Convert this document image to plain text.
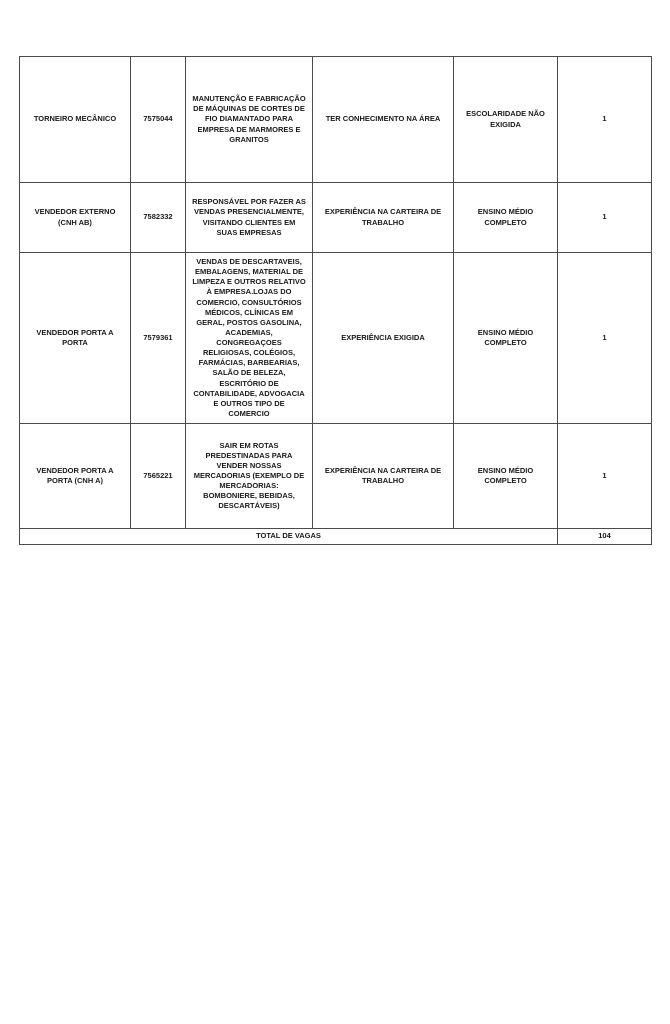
TORNEIRO MECÂNICO	7575044	MANUTENÇÃO E FABRICAÇÃO DE MÁQUINAS DE CORTES DE FIO DIAMANTADO PARA EMPRESA DE MARMORES E GRANITOS	TER CONHECIMENTO NA ÁREA	ESCOLARIDADE NÃO EXIGIDA	1
VENDEDOR EXTERNO (CNH AB)	7582332	RESPONSÁVEL POR FAZER AS VENDAS PRESENCIALMENTE, VISITANDO CLIENTES EM SUAS EMPRESAS	EXPERIÊNCIA NA CARTEIRA DE TRABALHO	ENSINO MÉDIO COMPLETO	1
VENDEDOR PORTA A PORTA	7579361	VENDAS DE DESCARTAVEIS, EMBALAGENS, MATERIAL DE LIMPEZA E OUTROS RELATIVO À EMPRESA.LOJAS DO COMERCIO, CONSULTÓRIOS MÉDICOS, CLÍNICAS EM GERAL, POSTOS GASOLINA, ACADEMIAS, CONGREGAÇOES RELIGIOSAS, COLÉGIOS, FARMÁCIAS, BARBEARIAS, SALÃO DE BELEZA, ESCRITÓRIO DE CONTABILIDADE, ADVOGACIA E OUTROS TIPO DE COMERCIO	EXPERIÊNCIA EXIGIDA	ENSINO MÉDIO COMPLETO	1
VENDEDOR PORTA A PORTA (CNH A)	7565221	SAIR EM ROTAS PREDESTINADAS PARA VENDER NOSSAS MERCADORIAS (EXEMPLO DE MERCADORIAS: BOMBONIERE, BEBIDAS, DESCARTÁVEIS)	EXPERIÊNCIA NA CARTEIRA DE TRABALHO	ENSINO MÉDIO COMPLETO	1
TOTAL DE VAGAS					104
